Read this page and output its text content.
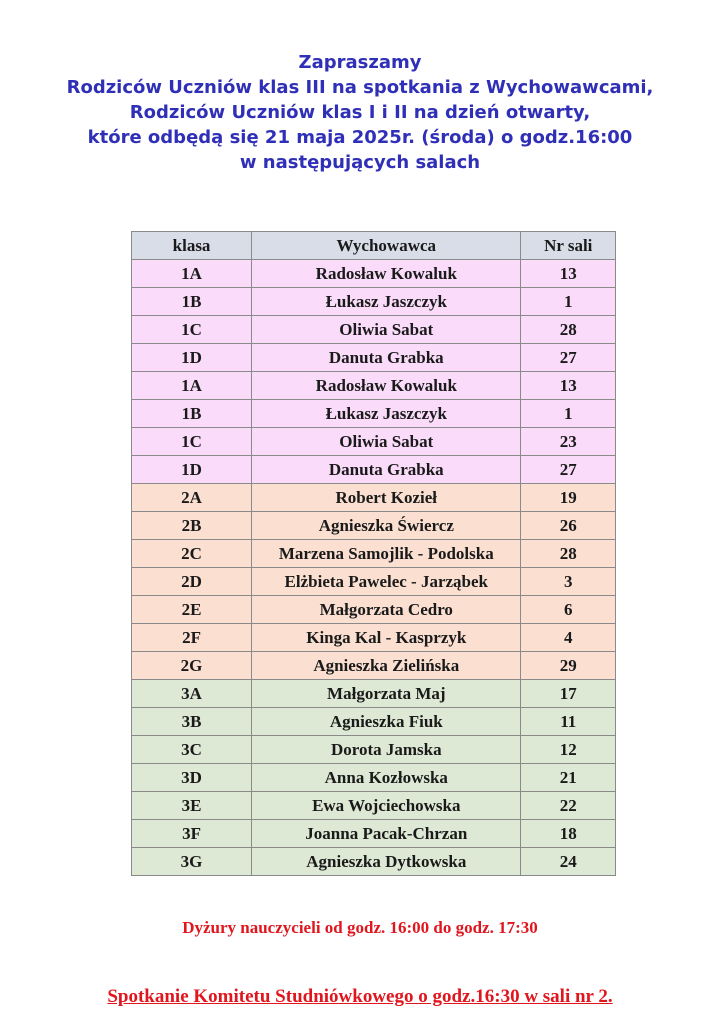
Zapraszamy
Rodziców Uczniów klas III na spotkania z Wychowawcami,
Rodziców Uczniów klas I i II na dzień otwarty,
które odbędą się 21 maja 2025r. (środa) o godz.16:00
w następujących salach
klasa	Wychowawca	Nr sali
1A	Radosław Kowaluk	13
1B	Łukasz Jaszczyk	1
1C	Oliwia Sabat	28
1D	Danuta Grabka	27
1A	Radosław Kowaluk	13
1B	Łukasz Jaszczyk	1
1C	Oliwia Sabat	23
1D	Danuta Grabka	27
2A	Robert Kozieł	19
2B	Agnieszka Świercz	26
2C	Marzena Samojlik - Podolska	28
2D	Elżbieta Pawelec - Jarząbek	3
2E	Małgorzata Cedro	6
2F	Kinga Kal - Kasprzyk	4
2G	Agnieszka Zielińska	29
3A	Małgorzata Maj	17
3B	Agnieszka Fiuk	11
3C	Dorota Jamska	12
3D	Anna Kozłowska	21
3E	Ewa Wojciechowska	22
3F	Joanna Pacak-Chrzan	18
3G	Agnieszka Dytkowska	24
Dyżury nauczycieli od godz. 16:00 do godz. 17:30
Spotkanie Komitetu Studniówkowego o godz.16:30 w sali nr 2.
